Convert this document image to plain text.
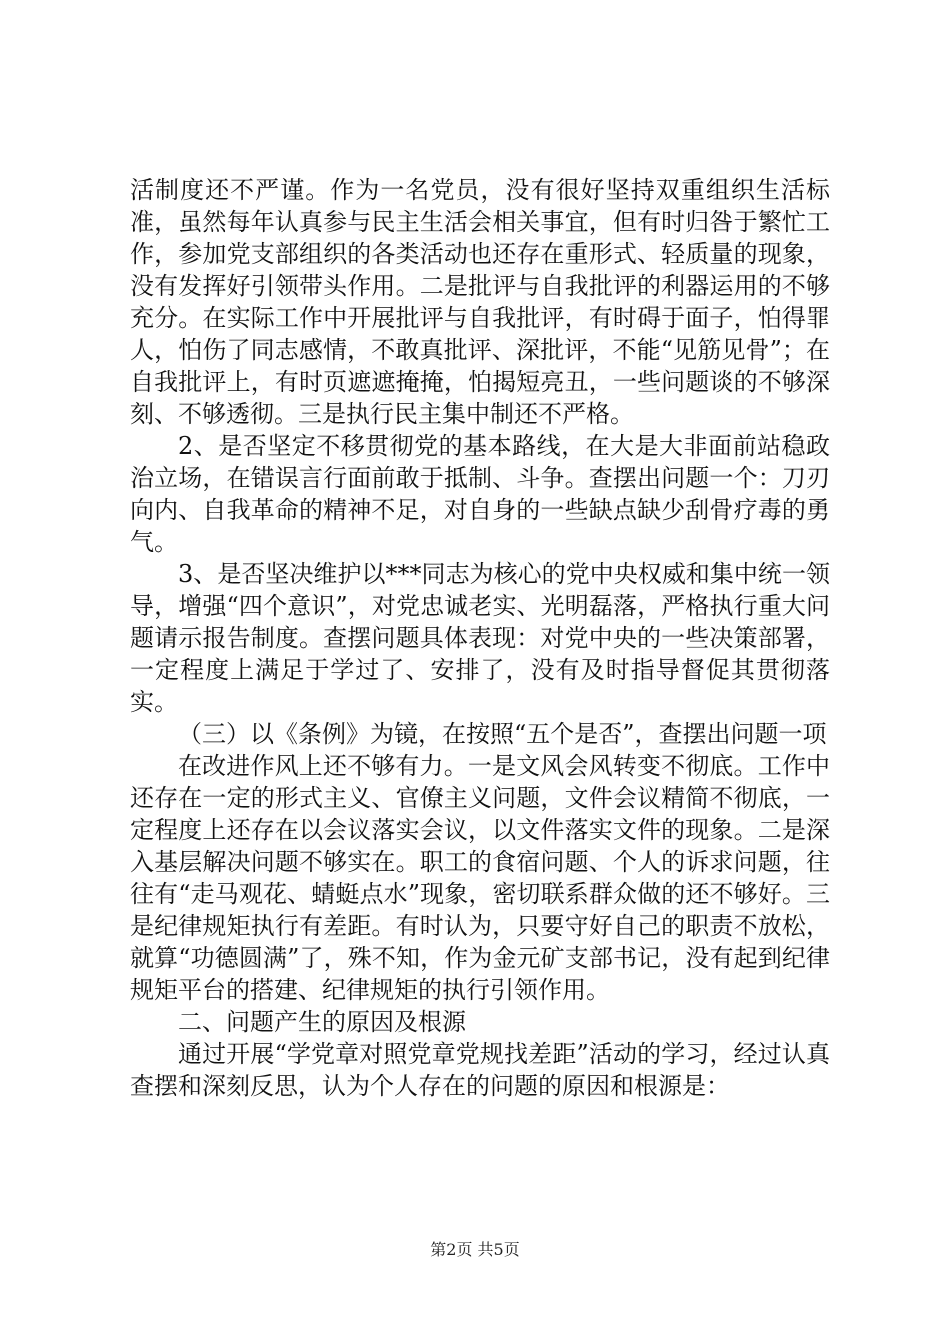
活制度还不严谨。作为一名党员，没有很好坚持双重组织生活标准，虽然每年认真参与民主生活会相关事宜，但有时归咎于繁忙工作，参加党支部组织的各类活动也还存在重形式、轻质量的现象，没有发挥好引领带头作用。二是批评与自我批评的利器运用的不够充分。在实际工作中开展批评与自我批评，有时碍于面子，怕得罪人，怕伤了同志感情，不敢真批评、深批评，不能“见筋见骨”；在自我批评上，有时页遮遮掩掩，怕揭短亮丑，一些问题谈的不够深刻、不够透彻。三是执行民主集中制还不严格。

2、是否坚定不移贯彻党的基本路线，在大是大非面前站稳政治立场，在错误言行面前敢于抵制、斗争。查摆出问题一个：刀刃向内、自我革命的精神不足，对自身的一些缺点缺少刮骨疗毒的勇气。

3、是否坚决维护以***同志为核心的党中央权威和集中统一领导，增强“四个意识”，对党忠诚老实、光明磊落，严格执行重大问题请示报告制度。查摆问题具体表现：对党中央的一些决策部署，一定程度上满足于学过了、安排了，没有及时指导督促其贯彻落实。

（三）以《条例》为镜，在按照“五个是否”，查摆出问题一项

在改进作风上还不够有力。一是文风会风转变不彻底。工作中还存在一定的形式主义、官僚主义问题，文件会议精简不彻底，一定程度上还存在以会议落实会议，以文件落实文件的现象。二是深入基层解决问题不够实在。职工的食宿问题、个人的诉求问题，往往有“走马观花、蜻蜓点水”现象，密切联系群众做的还不够好。三是纪律规矩执行有差距。有时认为，只要守好自己的职责不放松，就算“功德圆满”了，殊不知，作为金元矿支部书记，没有起到纪律规矩平台的搭建、纪律规矩的执行引领作用。

二、问题产生的原因及根源

通过开展“学党章对照党章党规找差距”活动的学习，经过认真查摆和深刻反思，认为个人存在的问题的原因和根源是：

第2页 共5页
